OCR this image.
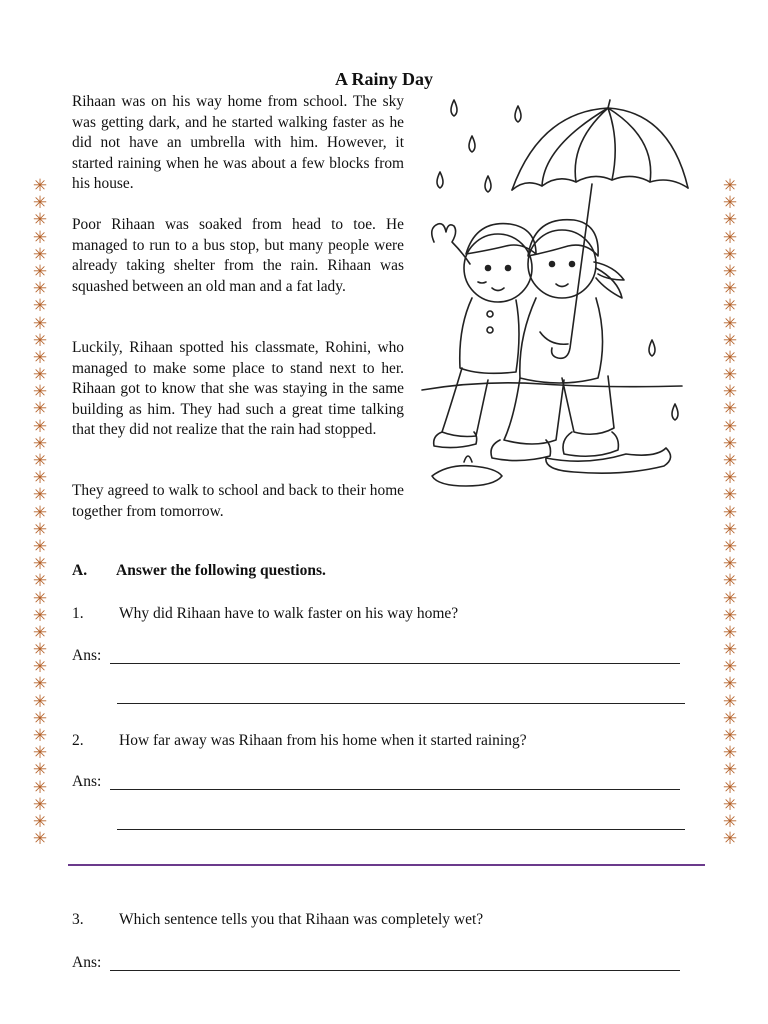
A Rainy Day

Rihaan was on his way home from school. The sky was getting dark, and he started walking faster as he did not have an umbrella with him. However, it started raining when he was about a few blocks from his house.

Poor Rihaan was soaked from head to toe. He managed to run to a bus stop, but many people were already taking shelter from the rain. Rihaan was squashed between an old man and a fat lady.

Luckily, Rihaan spotted his classmate, Rohini, who managed to make some place to stand next to her. Rihaan got to know that she was staying in the same building as him. They had such a great time talking that they did not realize that the rain had stopped.

They agreed to walk to school and back to their home together from tomorrow.

✳
✳
✳
✳
✳
✳
✳
✳
✳
✳
✳
✳
✳
✳
✳
✳
✳
✳
✳
✳
✳
✳
✳
✳
✳
✳
✳
✳
✳
✳
✳
✳
✳
✳
✳
✳
✳
✳
✳
✳
✳
✳
✳
✳
✳
✳
✳
✳
✳
✳
✳
✳
✳
✳
✳
✳
✳
✳
✳
✳
✳
✳
✳
✳
✳
✳
✳
✳
✳
✳
✳
✳
✳
✳
✳
✳
✳
✳
A. Answer the following questions.
1. Why did Rihaan have to walk faster on his way home?
Ans:
2. How far away was Rihaan from his home when it started raining?
Ans:
3. Which sentence tells you that Rihaan was completely wet?
Ans:
